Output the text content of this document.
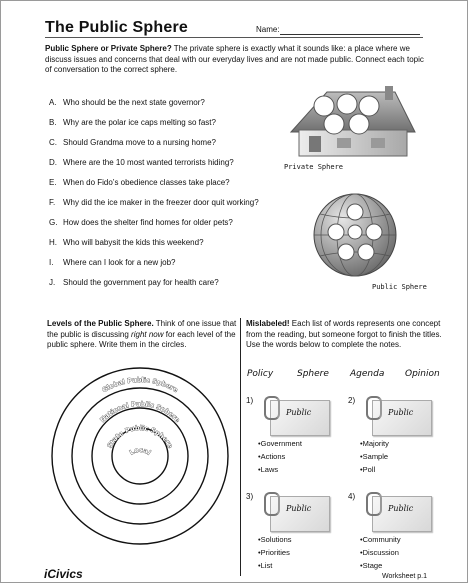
The Public Sphere	Name:
Public Sphere or Private Sphere? The private sphere is exactly what it sounds like: a place where we discuss issues and concerns that deal with our everyday lives and are not made public. Connect each topic of conversation to the correct sphere.
A. Who should be the next state governor?
B. Why are the polar ice caps melting so fast?
C. Should Grandma move to a nursing home?
D. Where are the 10 most wanted terrorists hiding?
E. When do Fido’s obedience classes take place?
F. Why did the ice maker in the freezer door quit working?
G. How does the shelter find homes for older pets?
H. Who will babysit the kids this weekend?
I. Where can I look for a new job?
J. Should the government pay for health care?
Private Sphere
Public Sphere
Levels of the Public Sphere. Think of one issue that the public is discussing right now for each level of the public sphere. Write them in the circles.
Global Public Sphere
National Public Sphere
State Public Sphere
Local
Mislabeled! Each list of words represents one concept from the reading, but someone forgot to finish the titles. Use the words below to complete the notes.
Policy	Sphere Agenda Opinion
1)
Public
• Government
• Actions
• Laws
2)
Public
• Majority
• Sample
• Poll
3)
Public
• Solutions
• Priorities
• List
4)
Public
• Community
• Discussion
• Stage
iCivics	Worksheet p.1
